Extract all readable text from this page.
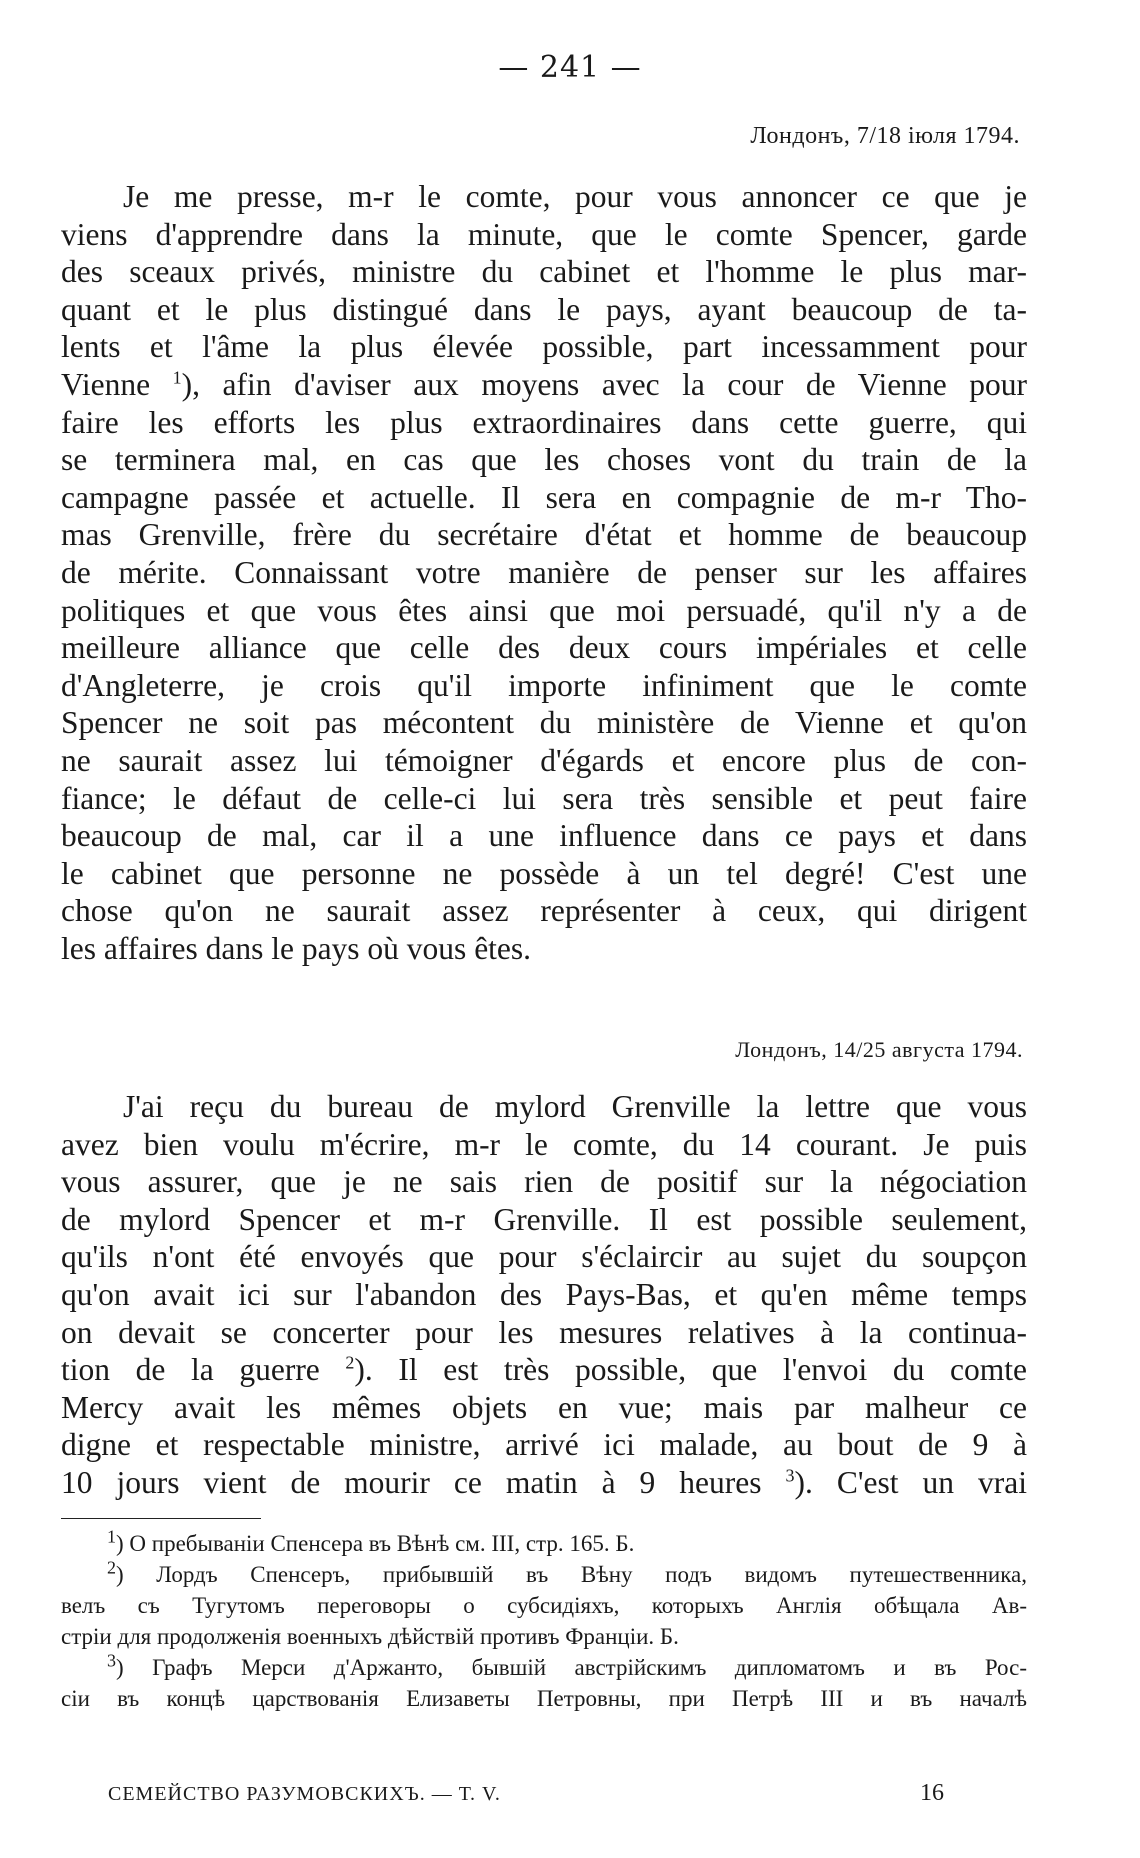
— 241 —
Лондонъ, 7/18 іюля 1794.
Je me presse, m-r le comte, pour vous annoncer ce que je
viens d'apprendre dans la minute, que le comte Spencer, garde
des sceaux privés, ministre du cabinet et l'homme le plus mar-
quant et le plus distingué dans le pays, ayant beaucoup de ta-
lents et l'âme la plus élevée possible, part incessamment pour
Vienne $^1$), afin d'aviser aux moyens avec la cour de Vienne pour
faire les efforts les plus extraordinaires dans cette guerre, qui
se terminera mal, en cas que les choses vont du train de la
campagne passée et actuelle. Il sera en compagnie de m-r Tho-
mas Grenville, frère du secrétaire d'état et homme de beaucoup
de mérite. Connaissant votre manière de penser sur les affaires
politiques et que vous êtes ainsi que moi persuadé, qu'il n'y a de
meilleure alliance que celle des deux cours impériales et celle
d'Angleterre, je crois qu'il importe infiniment que le comte
Spencer ne soit pas mécontent du ministère de Vienne et qu'on
ne saurait assez lui témoigner d'égards et encore plus de con-
fiance; le défaut de celle-ci lui sera très sensible et peut faire
beaucoup de mal, car il a une influence dans ce pays et dans
le cabinet que personne ne possède à un tel degré! C'est une
chose qu'on ne saurait assez représenter à ceux, qui dirigent
les affaires dans le pays où vous êtes.
Лондонъ, 14/25 августа 1794.
J'ai reçu du bureau de mylord Grenville la lettre que vous
avez bien voulu m'écrire, m-r le comte, du 14 courant. Je puis
vous assurer, que je ne sais rien de positif sur la négociation
de mylord Spencer et m-r Grenville. Il est possible seulement,
qu'ils n'ont été envoyés que pour s'éclaircir au sujet du soupçon
qu'on avait ici sur l'abandon des Pays-Bas, et qu'en même temps
on devait se concerter pour les mesures relatives à la continua-
tion de la guerre $^2$). Il est très possible, que l'envoi du comte
Mercy avait les mêmes objets en vue; mais par malheur ce
digne et respectable ministre, arrivé ici malade, au bout de 9 à
10 jours vient de mourir ce matin à 9 heures $^3$). C'est un vrai
$^1$) О пребываніи Спенсера въ Вѣнѣ см. III, стр. 165. Б.
$^2$) Лордъ Спенсеръ, прибывшій въ Вѣну подъ видомъ путешественника,
велъ съ Тугутомъ переговоры о субсидіяхъ, которыхъ Англія обѣщала Ав-
стріи для продолженія военныхъ дѣйствій противъ Франціи. Б.
$^3$) Графъ Мерси д'Аржанто, бывшій австрійскимъ дипломатомъ и въ Рос-
сіи въ концѣ царствованія Елизаветы Петровны, при Петрѣ III и въ началѣ
СЕМЕЙСТВО РАЗУМОВСКИХЪ. — Т. V.	16
